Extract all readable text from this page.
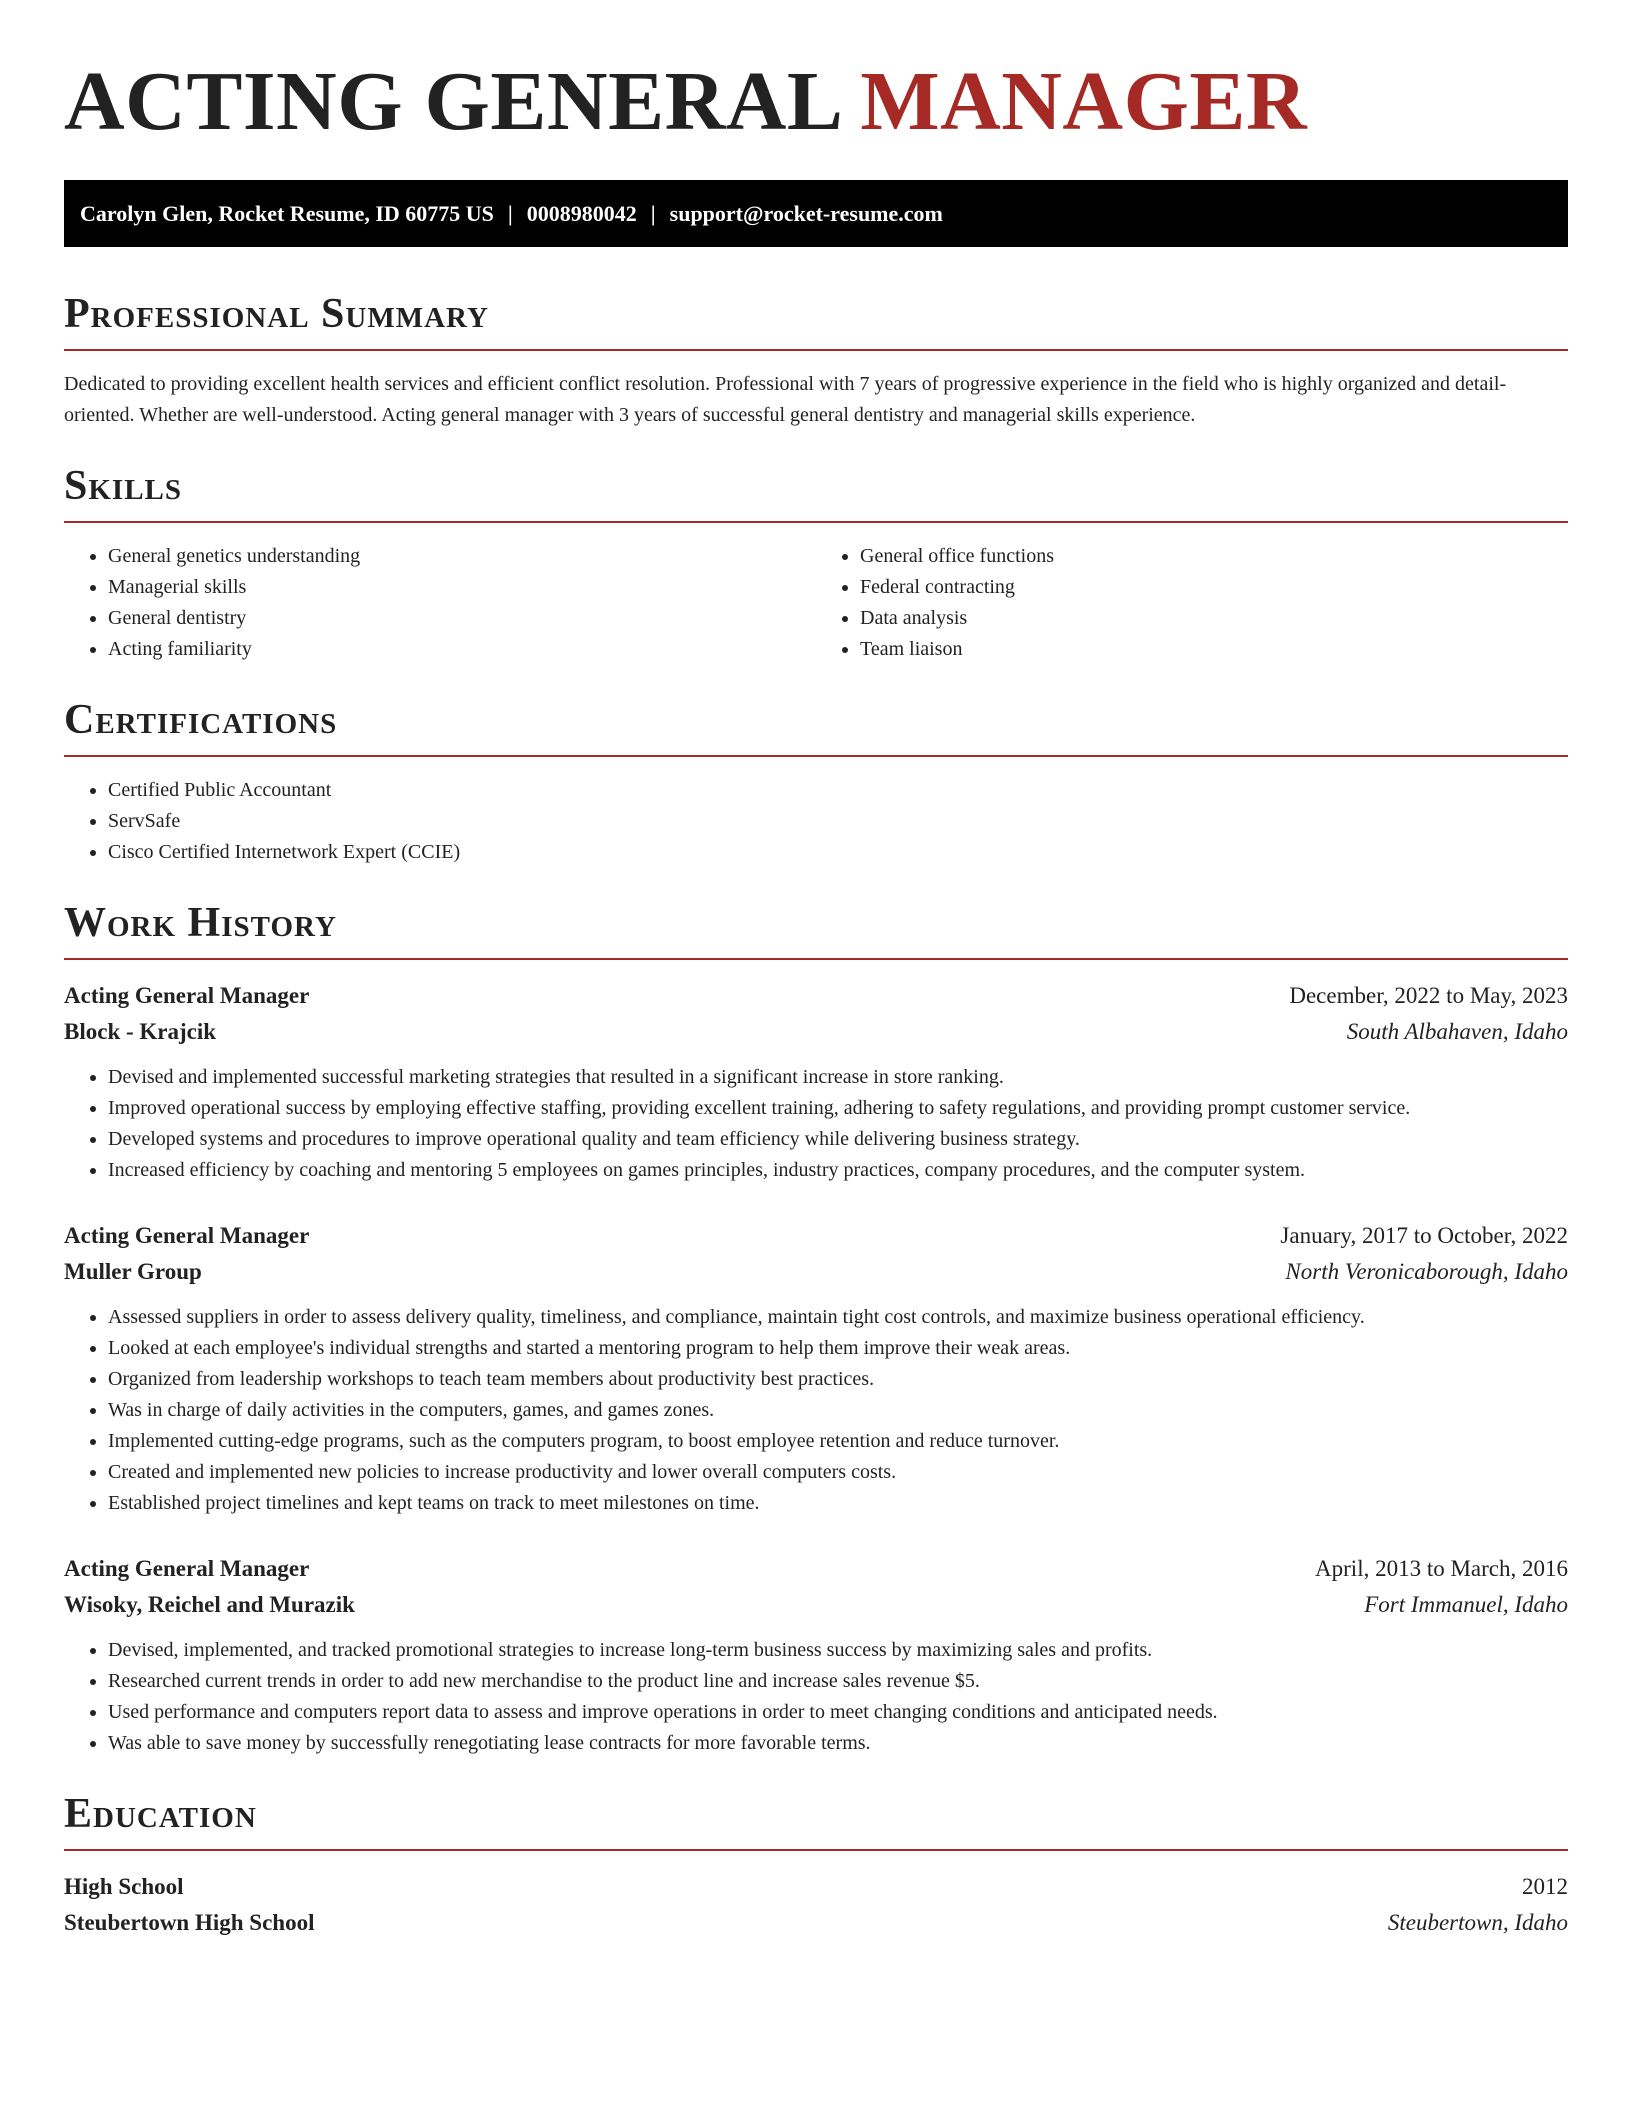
ACTING GENERAL MANAGER
Carolyn Glen, Rocket Resume, ID 60775 US | 0008980042 | support@rocket-resume.com
Professional Summary

Dedicated to providing excellent health services and efficient conflict resolution. Professional with 7 years of progressive experience in the field who is highly organized and detail-oriented. Whether are well-understood. Acting general manager with 3 years of successful general dentistry and managerial skills experience.

Skills
• General genetics understanding
• Managerial skills
• General dentistry
• Acting familiarity
• General office functions
• Federal contracting
• Data analysis
• Team liaison
Certifications
• Certified Public Accountant
• ServSafe
• Cisco Certified Internetwork Expert (CCIE)
Work History
Acting General Manager	December, 2022 to May, 2023
Block - Krajcik	South Albahaven, Idaho
• Devised and implemented successful marketing strategies that resulted in a significant increase in store ranking.
• Improved operational success by employing effective staffing, providing excellent training, adhering to safety regulations, and providing prompt customer service.
• Developed systems and procedures to improve operational quality and team efficiency while delivering business strategy.
• Increased efficiency by coaching and mentoring 5 employees on games principles, industry practices, company procedures, and the computer system.
Acting General Manager	January, 2017 to October, 2022
Muller Group	North Veronicaborough, Idaho
• Assessed suppliers in order to assess delivery quality, timeliness, and compliance, maintain tight cost controls, and maximize business operational efficiency.
• Looked at each employee's individual strengths and started a mentoring program to help them improve their weak areas.
• Organized from leadership workshops to teach team members about productivity best practices.
• Was in charge of daily activities in the computers, games, and games zones.
• Implemented cutting-edge programs, such as the computers program, to boost employee retention and reduce turnover.
• Created and implemented new policies to increase productivity and lower overall computers costs.
• Established project timelines and kept teams on track to meet milestones on time.
Acting General Manager	April, 2013 to March, 2016
Wisoky, Reichel and Murazik	Fort Immanuel, Idaho
• Devised, implemented, and tracked promotional strategies to increase long-term business success by maximizing sales and profits.
• Researched current trends in order to add new merchandise to the product line and increase sales revenue $5.
• Used performance and computers report data to assess and improve operations in order to meet changing conditions and anticipated needs.
• Was able to save money by successfully renegotiating lease contracts for more favorable terms.
Education
High School	2012
Steubertown High School	Steubertown, Idaho
